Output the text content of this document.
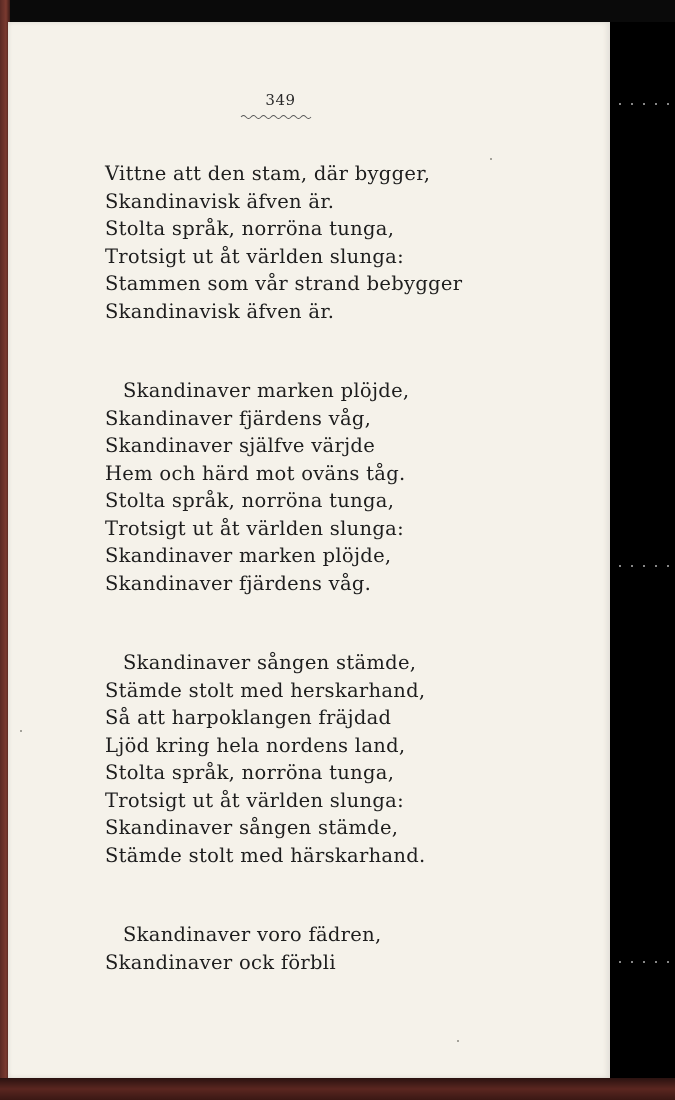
349
Vittne att den stam, där bygger,
Skandinavisk äfven är.
Stolta språk, norröna tunga,
Trotsigt ut åt världen slunga:
Stammen som vår strand bebygger
Skandinavisk äfven är.
Skandinaver marken plöjde,
Skandinaver fjärdens våg,
Skandinaver själfve värjde
Hem och härd mot oväns tåg.
Stolta språk, norröna tunga,
Trotsigt ut åt världen slunga:
Skandinaver marken plöjde,
Skandinaver fjärdens våg.
Skandinaver sången stämde,
Stämde stolt med herskarhand,
Så att harpoklangen fräjdad
Ljöd kring hela nordens land,
Stolta språk, norröna tunga,
Trotsigt ut åt världen slunga:
Skandinaver sången stämde,
Stämde stolt med härskarhand.
Skandinaver voro fädren,
Skandinaver ock förbli
